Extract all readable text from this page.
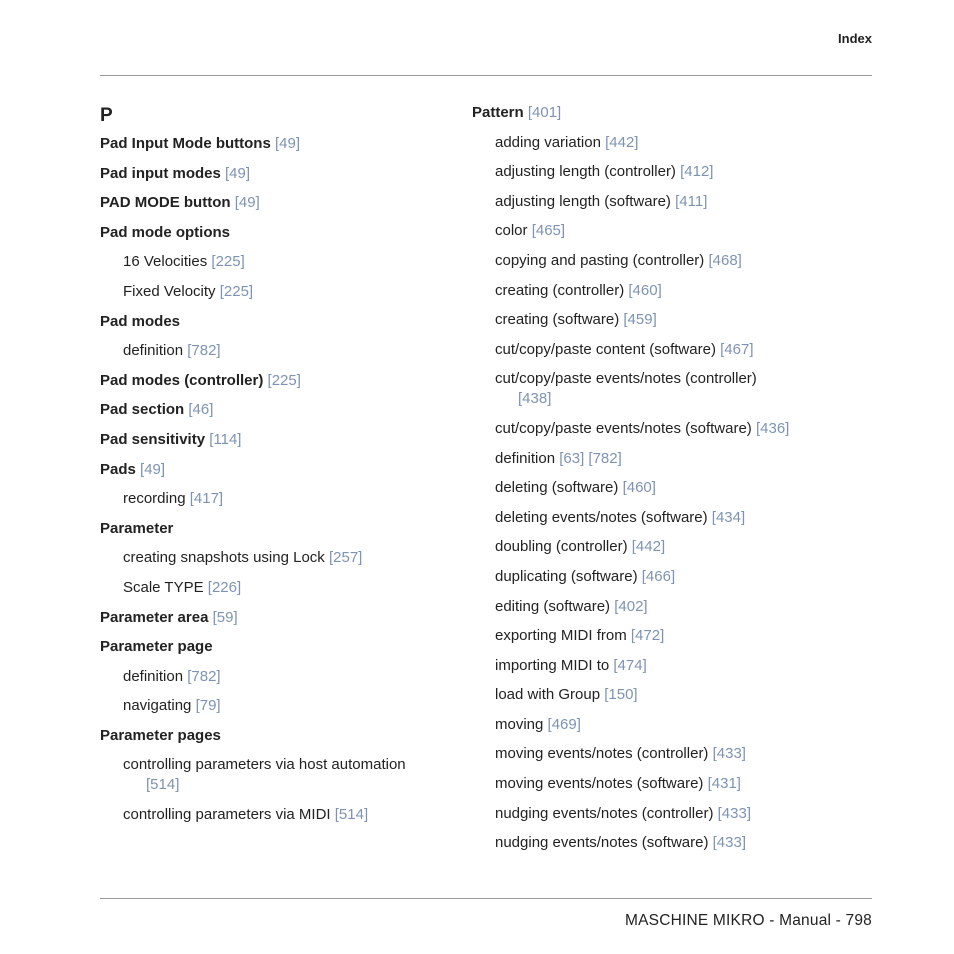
Index
P
Pad Input Mode buttons [49]
Pad input modes [49]
PAD MODE button [49]
Pad mode options
16 Velocities [225]
Fixed Velocity [225]
Pad modes
definition [782]
Pad modes (controller) [225]
Pad section [46]
Pad sensitivity [114]
Pads [49]
recording [417]
Parameter
creating snapshots using Lock [257]
Scale TYPE [226]
Parameter area [59]
Parameter page
definition [782]
navigating [79]
Parameter pages
controlling parameters via host automation
[514]
controlling parameters via MIDI [514]
Pattern [401]
adding variation [442]
adjusting length (controller) [412]
adjusting length (software) [411]
color [465]
copying and pasting (controller) [468]
creating (controller) [460]
creating (software) [459]
cut/copy/paste content (software) [467]
cut/copy/paste events/notes (controller)
[438]
cut/copy/paste events/notes (software) [436]
definition [63] [782]
deleting (software) [460]
deleting events/notes (software) [434]
doubling (controller) [442]
duplicating (software) [466]
editing (software) [402]
exporting MIDI from [472]
importing MIDI to [474]
load with Group [150]
moving [469]
moving events/notes (controller) [433]
moving events/notes (software) [431]
nudging events/notes (controller) [433]
nudging events/notes (software) [433]
MASCHINE MIKRO - Manual - 798
